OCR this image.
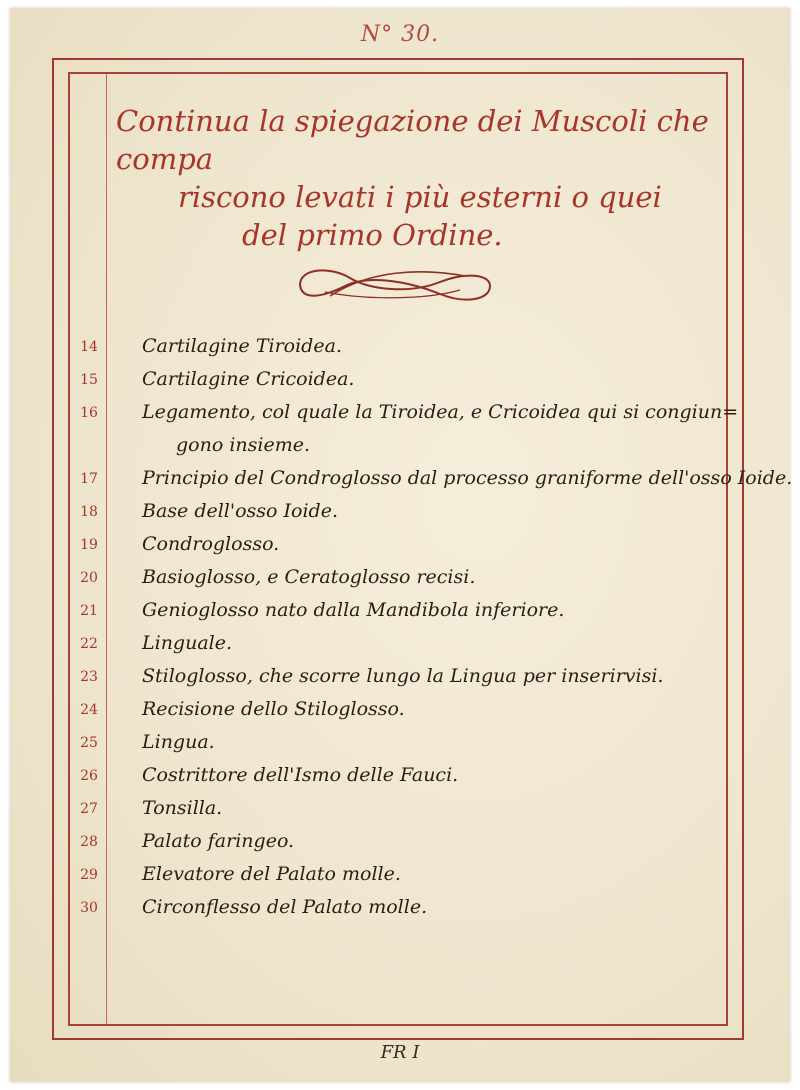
N° 30.
Continua la spiegazione dei Muscoli che compa
riscono levati i più esterni o quei
del primo Ordine.
14	Cartilagine Tiroidea.
15	Cartilagine Cricoidea.
16	Legamento, col quale la Tiroidea, e Cricoidea qui si congiun=
gono insieme.
17	Principio del Condroglosso dal processo graniforme dell'osso Ioide.
18	Base dell'osso Ioide.
19	Condroglosso.
20	Basioglosso, e Ceratoglosso recisi.
21	Genioglosso nato dalla Mandibola inferiore.
22	Linguale.
23	Stiloglosso, che scorre lungo la Lingua per inserirvisi.
24	Recisione dello Stiloglosso.
25	Lingua.
26	Costrittore dell'Ismo delle Fauci.
27	Tonsilla.
28	Palato faringeo.
29	Elevatore del Palato molle.
30	Circonflesso del Palato molle.
FR I
